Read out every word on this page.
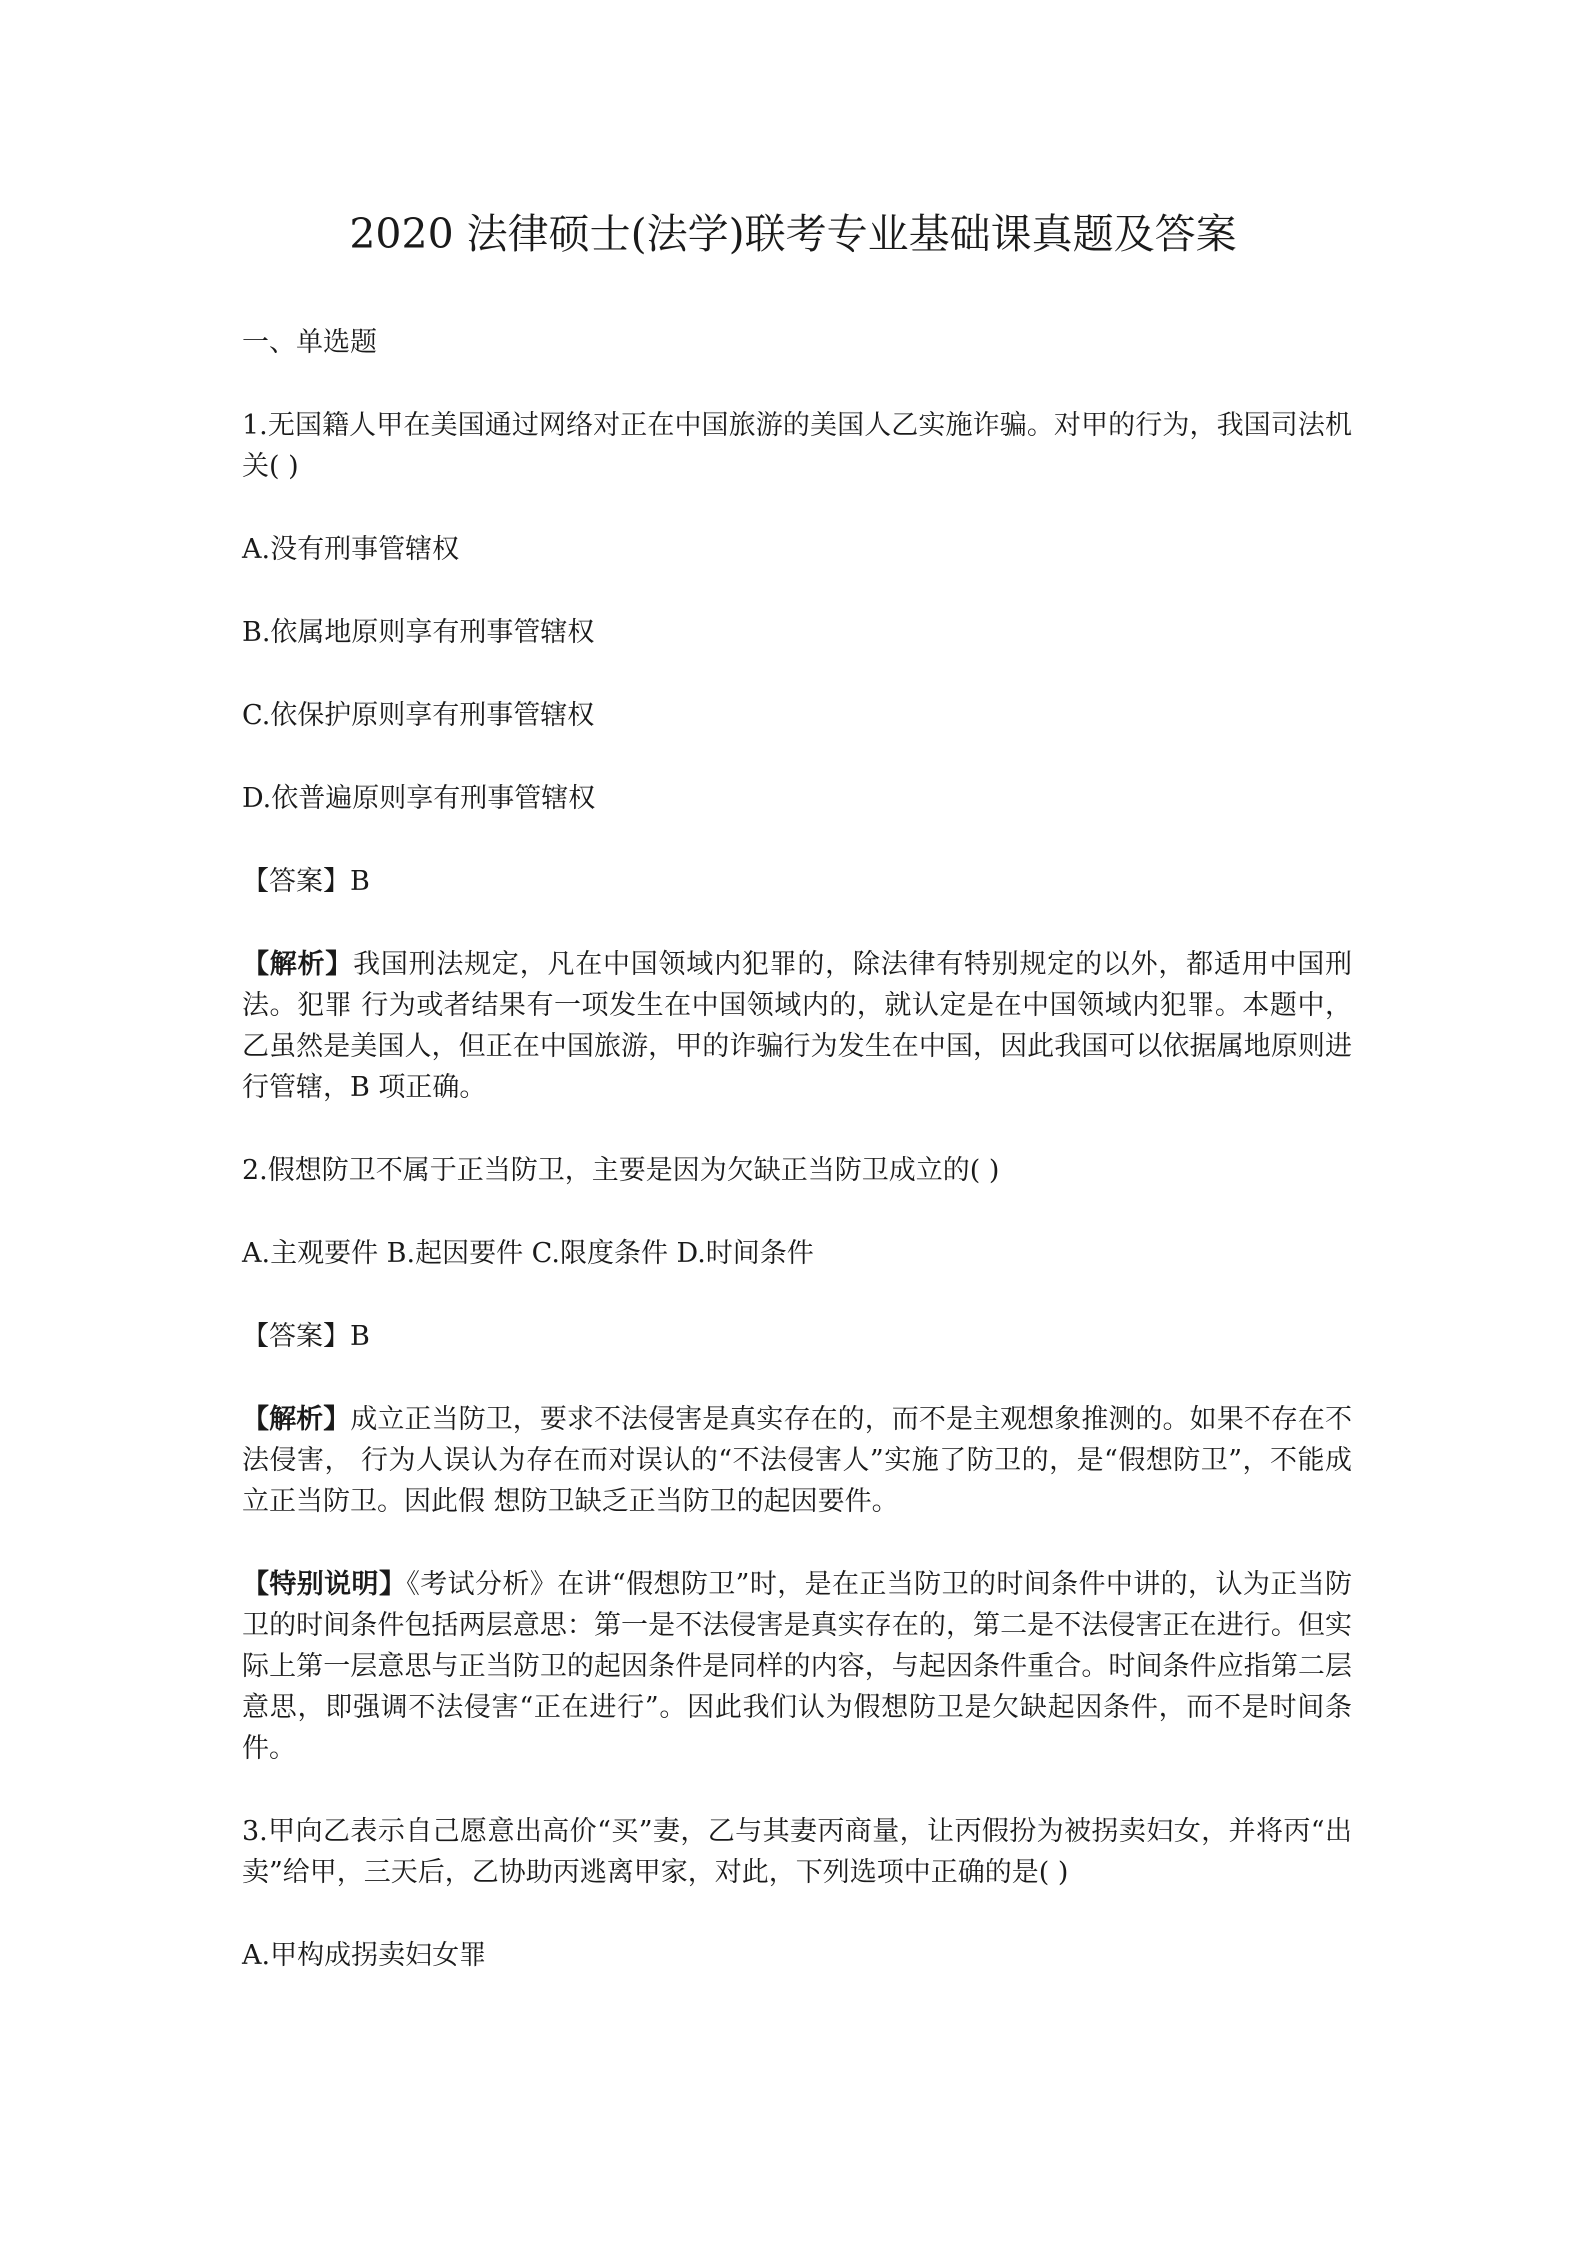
2020 法律硕士(法学)联考专业基础课真题及答案

一、单选题

1.无国籍人甲在美国通过网络对正在中国旅游的美国人乙实施诈骗。对甲的行为，我国司法机关( )

A.没有刑事管辖权

B.依属地原则享有刑事管辖权

C.依保护原则享有刑事管辖权

D.依普遍原则享有刑事管辖权

【答案】B

【解析】我国刑法规定，凡在中国领域内犯罪的，除法律有特别规定的以外，都适用中国刑法。犯罪 行为或者结果有一项发生在中国领域内的，就认定是在中国领域内犯罪。本题中，乙虽然是美国人，但正在中国旅游，甲的诈骗行为发生在中国，因此我国可以依据属地原则进行管辖，B 项正确。

2.假想防卫不属于正当防卫，主要是因为欠缺正当防卫成立的( )

A.主观要件 B.起因要件 C.限度条件 D.时间条件

【答案】B

【解析】成立正当防卫，要求不法侵害是真实存在的，而不是主观想象推测的。如果不存在不法侵害， 行为人误认为存在而对误认的“不法侵害人”实施了防卫的，是“假想防卫”，不能成立正当防卫。因此假 想防卫缺乏正当防卫的起因要件。

【特别说明】《考试分析》在讲“假想防卫”时，是在正当防卫的时间条件中讲的，认为正当防卫的时间条件包括两层意思：第一是不法侵害是真实存在的，第二是不法侵害正在进行。但实际上第一层意思与正当防卫的起因条件是同样的内容，与起因条件重合。时间条件应指第二层意思，即强调不法侵害“正在进行”。因此我们认为假想防卫是欠缺起因条件，而不是时间条件。

3.甲向乙表示自己愿意出高价“买”妻，乙与其妻丙商量，让丙假扮为被拐卖妇女，并将丙“出卖”给甲，三天后，乙协助丙逃离甲家，对此，下列选项中正确的是( )

A.甲构成拐卖妇女罪
